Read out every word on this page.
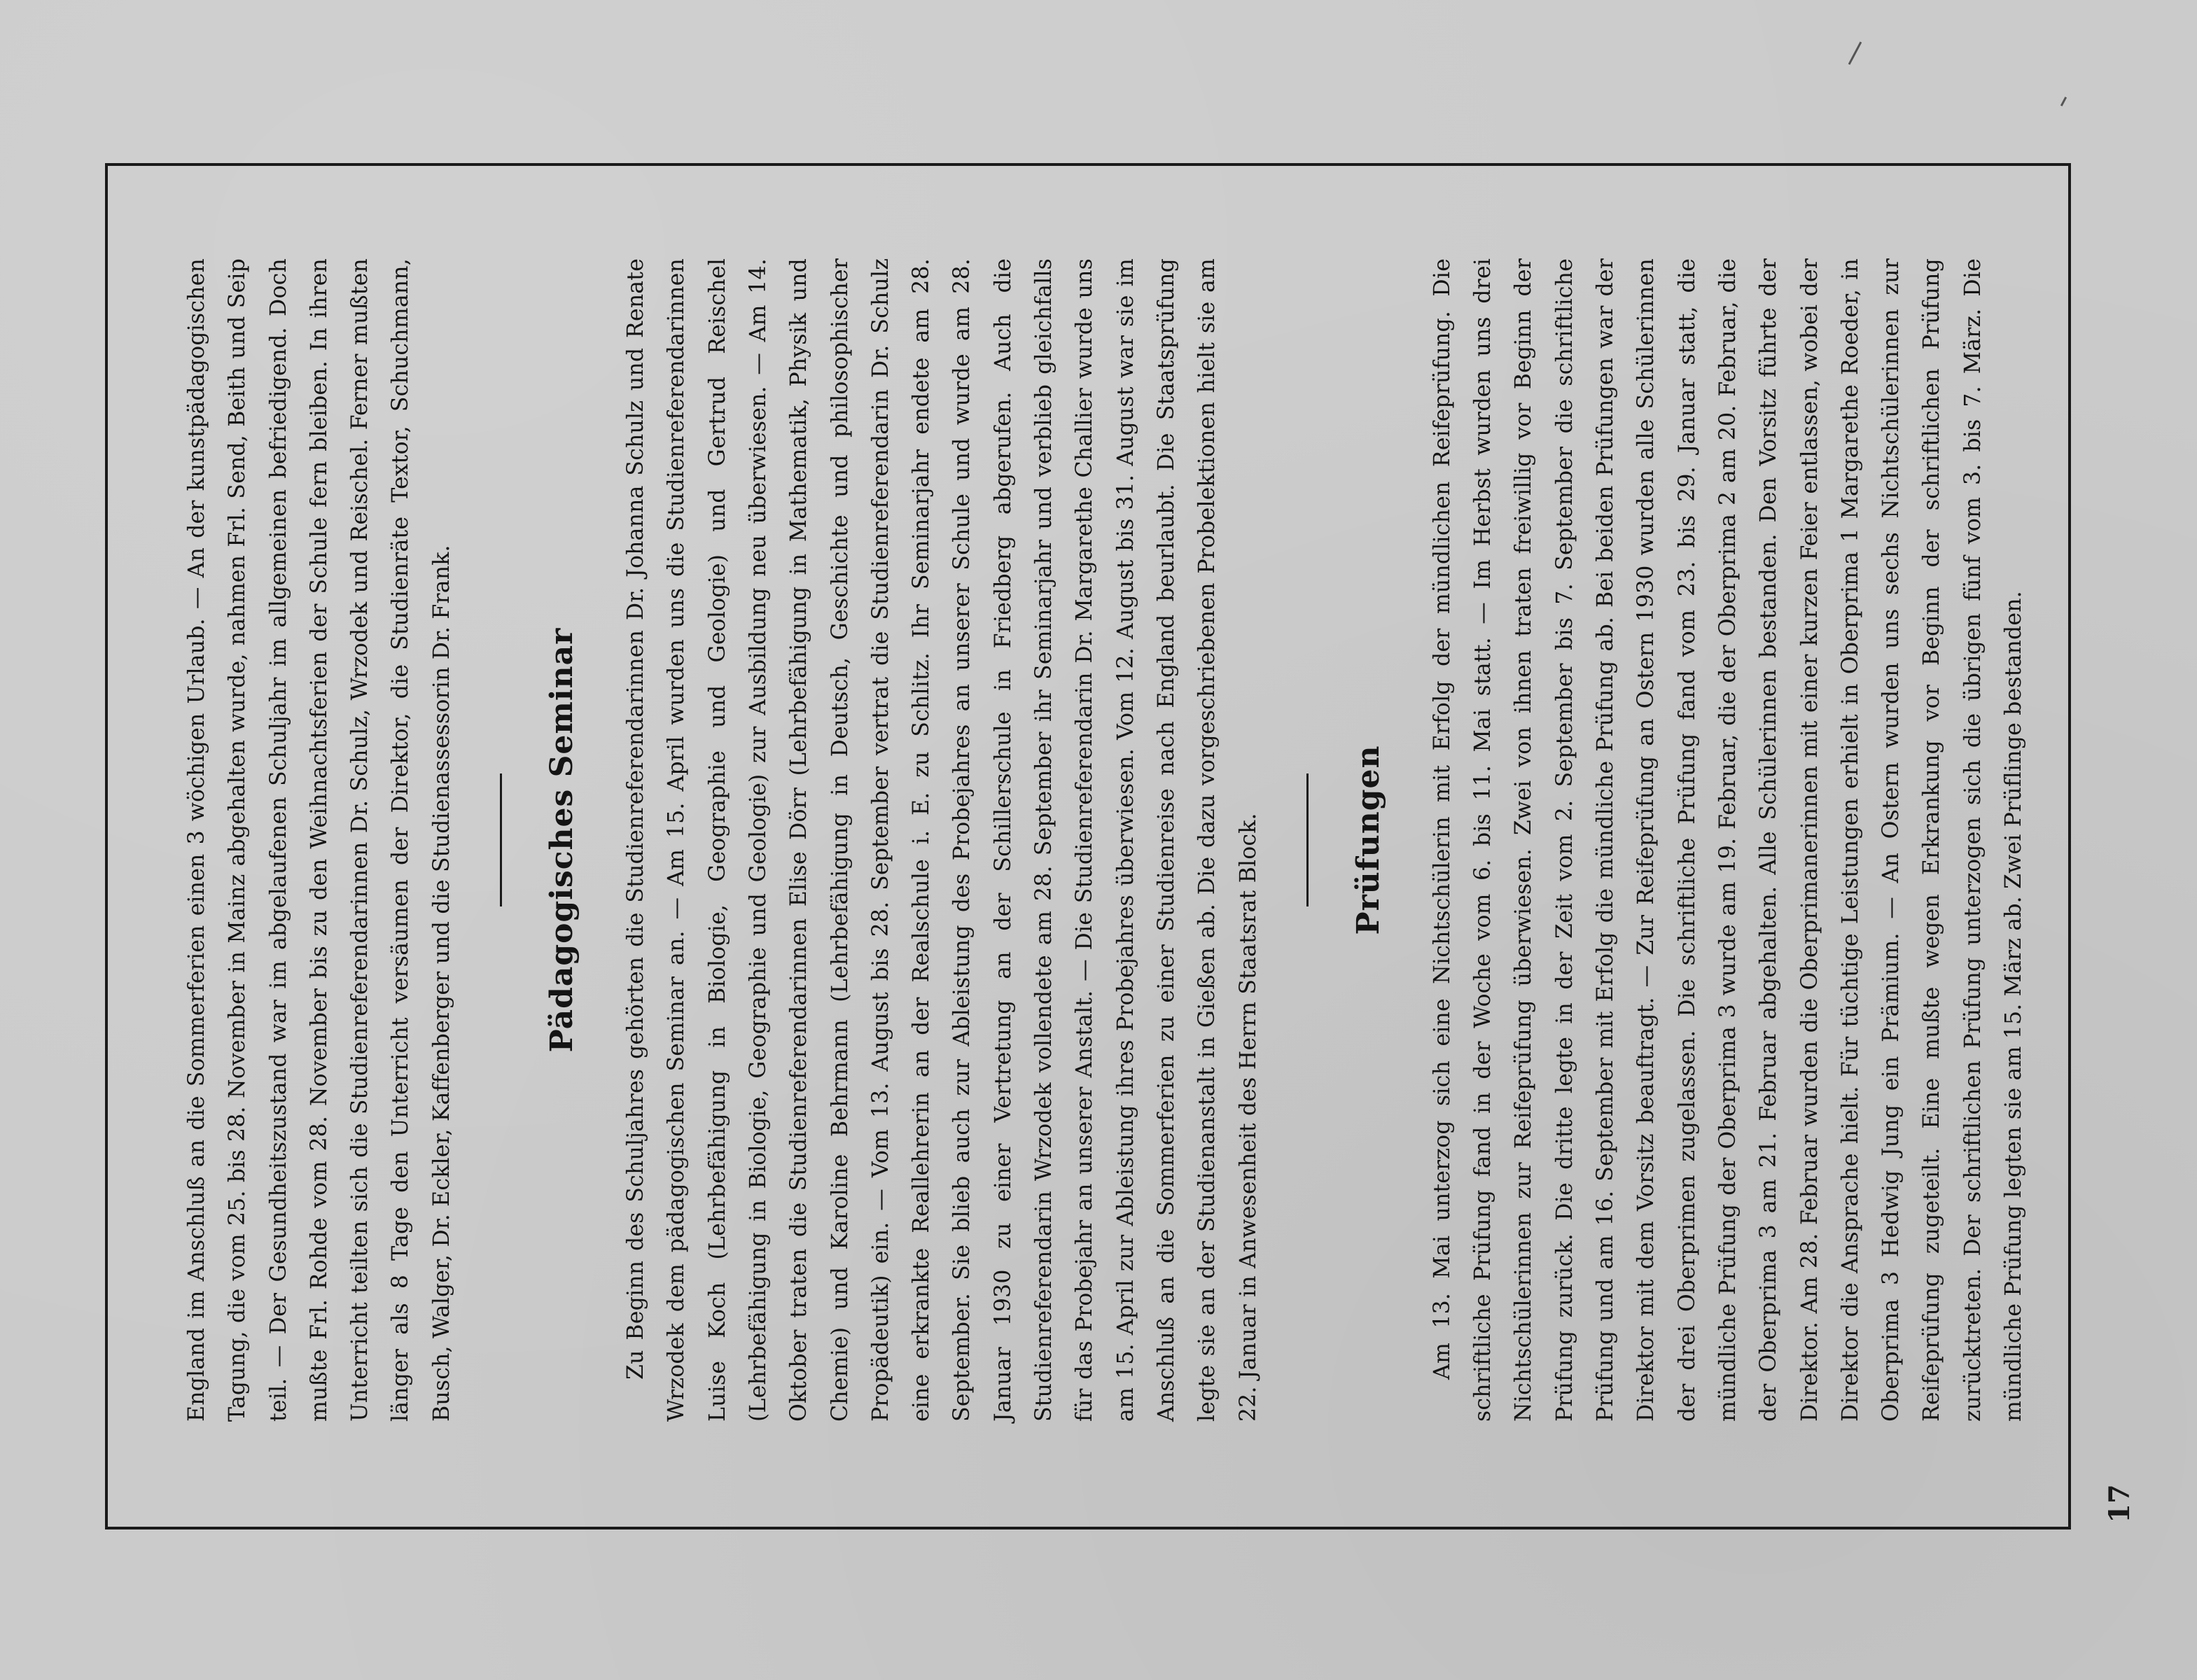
England im Anschluß an die Sommerferien einen 3 wöchigen Urlaub. — An der kunstpädagogischen Tagung, die vom 25. bis 28. November in Mainz abgehalten wurde, nahmen Frl. Send, Beith und Seip teil. — Der Gesundheitszustand war im abgelaufenen Schuljahr im allgemeinen befriedigend. Doch mußte Frl. Rohde vom 28. November bis zu den Weihnachtsferien der Schule fern bleiben. In ihren Unterricht teilten sich die Studienreferendarinnen Dr. Schulz, Wrzodek und Reischel. Ferner mußten länger als 8 Tage den Unterricht versäumen der Direktor, die Studienräte Textor, Schuchmann, Busch, Walger, Dr. Eckler, Kaffenberger und die Studienassessorin Dr. Frank.	Pädagogisches Seminar	Zu Beginn des Schuljahres gehörten die Studienreferendarinnen Dr. Johanna Schulz und Renate Wrzodek dem pädagogischen Seminar an. — Am 15. April wurden uns die Studienreferendarinnen Luise Koch (Lehrbefähigung in Biologie, Geographie und Geologie) und Gertrud Reischel (Lehrbefähigung in Biologie, Geographie und Geologie) zur Ausbildung neu überwiesen. — Am 14. Oktober traten die Studienreferendarinnen Elise Dörr (Lehrbefähigung in Mathematik, Physik und Chemie) und Karoline Behrmann (Lehrbefähigung in Deutsch, Geschichte und philosophischer Propädeutik) ein. — Vom 13. August bis 28. September vertrat die Studienreferendarin Dr. Schulz eine erkrankte Reallehrerin an der Realschule i. E. zu Schlitz. Ihr Seminarjahr endete am 28. September. Sie blieb auch zur Ableistung des Probejahres an unserer Schule und wurde am 28. Januar 1930 zu einer Vertretung an der Schillerschule in Friedberg abgerufen. Auch die Studienreferendarin Wrzodek vollendete am 28. September ihr Seminarjahr und verblieb gleichfalls für das Probejahr an unserer Anstalt. — Die Studienreferendarin Dr. Margarethe Challier wurde uns am 15. April zur Ableistung ihres Probejahres überwiesen. Vom 12. August bis 31. August war sie im Anschluß an die Sommerferien zu einer Studienreise nach England beurlaubt. Die Staatsprüfung legte sie an der Studienanstalt in Gießen ab. Die dazu vorgeschriebenen Probelektionen hielt sie am 22. Januar in Anwesenheit des Herrn Staatsrat Block.	Prüfungen	Am 13. Mai unterzog sich eine Nichtschülerin mit Erfolg der mündlichen Reifeprüfung. Die schriftliche Prüfung fand in der Woche vom 6. bis 11. Mai statt. — Im Herbst wurden uns drei Nichtschülerinnen zur Reifeprüfung überwiesen. Zwei von ihnen traten freiwillig vor Beginn der Prüfung zurück. Die dritte legte in der Zeit vom 2. September bis 7. September die schriftliche Prüfung und am 16. September mit Erfolg die mündliche Prüfung ab. Bei beiden Prüfungen war der Direktor mit dem Vorsitz beauftragt. — Zur Reifeprüfung an Ostern 1930 wurden alle Schülerinnen der drei Oberprimen zugelassen. Die schriftliche Prüfung fand vom 23. bis 29. Januar statt, die mündliche Prüfung der Oberprima 3 wurde am 19. Februar, die der Oberprima 2 am 20. Februar, die der Oberprima 3 am 21. Februar abgehalten. Alle Schülerinnen bestanden. Den Vorsitz führte der Direktor. Am 28. Februar wurden die Oberprimanerinnen mit einer kurzen Feier entlassen, wobei der Direktor die Ansprache hielt. Für tüchtige Leistungen erhielt in Oberprima 1 Margarethe Roeder, in Oberprima 3 Hedwig Jung ein Prämium. — An Ostern wurden uns sechs Nichtschülerinnen zur Reifeprüfung zugeteilt. Eine mußte wegen Erkrankung vor Beginn der schriftlichen Prüfung zurücktreten. Der schriftlichen Prüfung unterzogen sich die übrigen fünf vom 3. bis 7. März. Die mündliche Prüfung legten sie am 15. März ab. Zwei Prüflinge bestanden.

17
